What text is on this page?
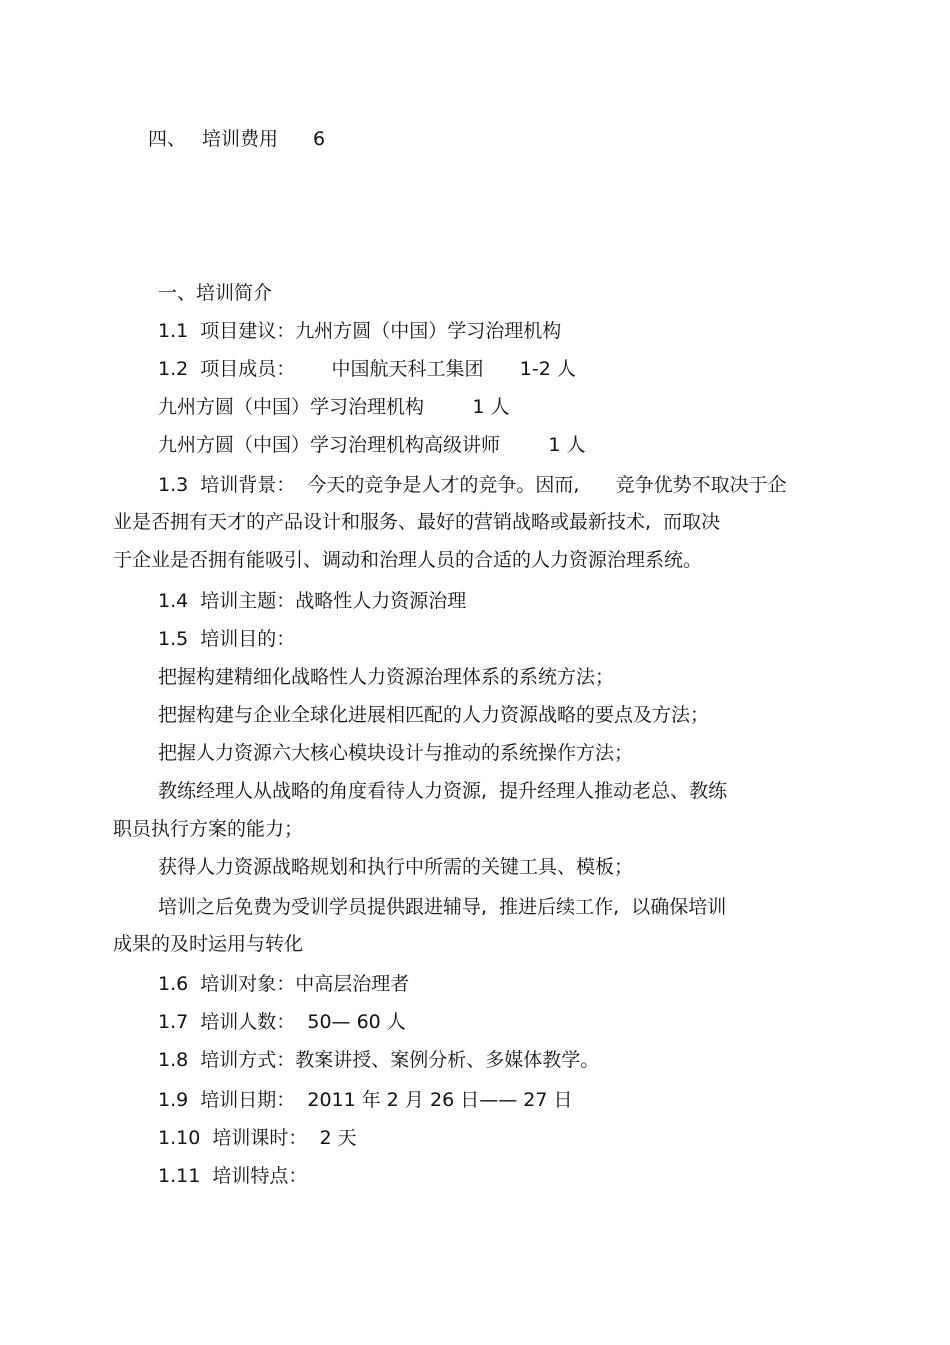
四、 培训费用 6
一、培训简介
1.1  项目建议：九州方圆（中国）学习治理机构
1.2  项目成员：      中国航天科工集团      1-2 人
九州方圆（中国）学习治理机构        1 人
九州方圆（中国）学习治理机构高级讲师        1 人
1.3  培训背景：  今天的竞争是人才的竞争。因而,      竞争优势不取决于企
业是否拥有天才的产品设计和服务、最好的营销战略或最新技术,  而取决
于企业是否拥有能吸引、调动和治理人员的合适的人力资源治理系统。
1.4  培训主题：战略性人力资源治理
1.5  培训目的：
把握构建精细化战略性人力资源治理体系的系统方法；
把握构建与企业全球化进展相匹配的人力资源战略的要点及方法；
把握人力资源六大核心模块设计与推动的系统操作方法；
教练经理人从战略的角度看待人力资源,  提升经理人推动老总、教练
职员执行方案的能力；
获得人力资源战略规划和执行中所需的关键工具、模板；
培训之后免费为受训学员提供跟进辅导,  推进后续工作,  以确保培训
成果的及时运用与转化
1.6  培训对象：中高层治理者
1.7  培训人数：  50— 60 人
1.8  培训方式：教案讲授、案例分析、多媒体教学。
1.9  培训日期：  2011 年 2 月 26 日—— 27 日
1.10  培训课时：  2 天
1.11  培训特点：
